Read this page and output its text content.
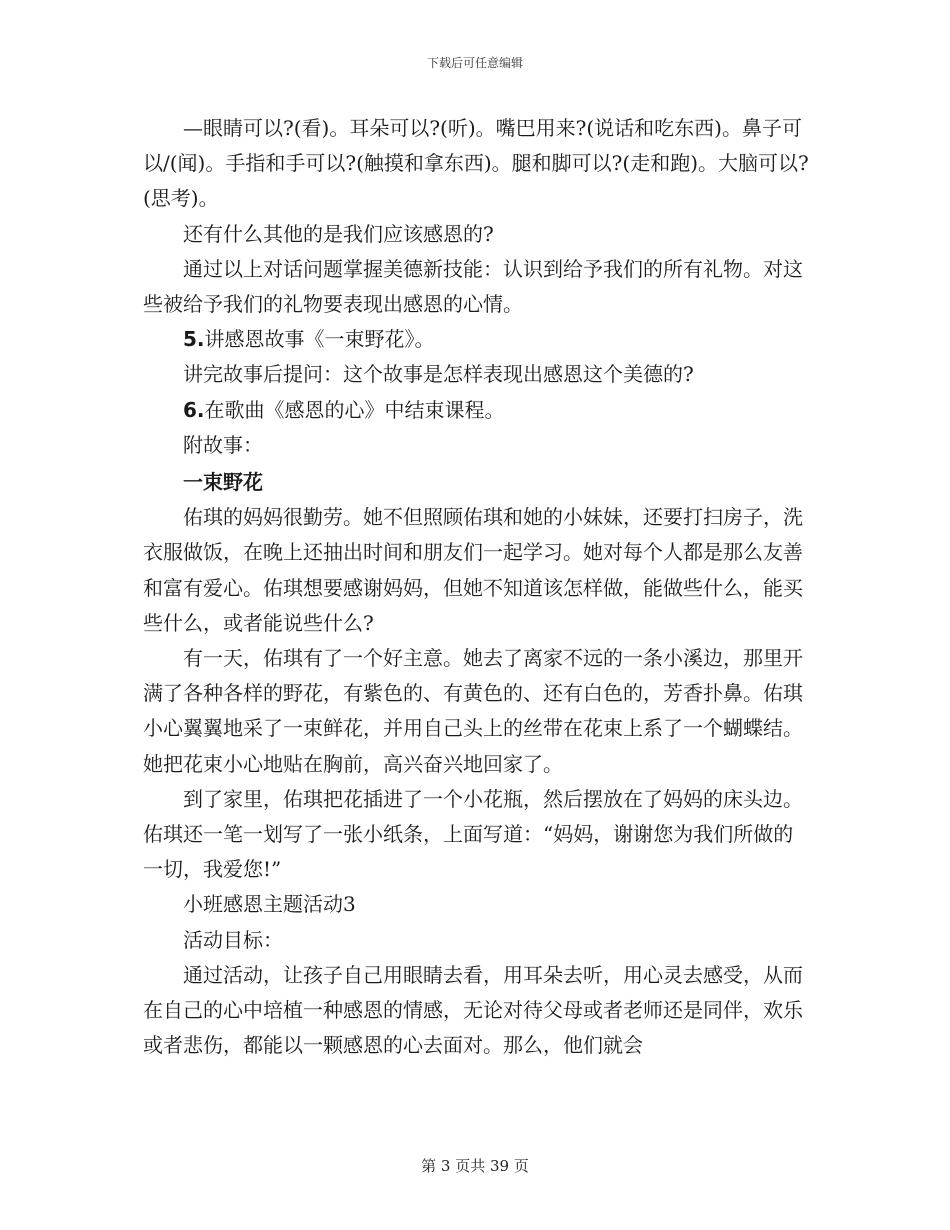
下载后可任意编辑

—眼睛可以?(看)。耳朵可以?(听)。嘴巴用来?(说话和吃东西)。鼻子可以/(闻)。手指和手可以?(触摸和拿东西)。腿和脚可以?(走和跑)。大脑可以?(思考)。

还有什么其他的是我们应该感恩的?

通过以上对话问题掌握美德新技能：认识到给予我们的所有礼物。对这些被给予我们的礼物要表现出感恩的心情。

5.讲感恩故事《一束野花》。

讲完故事后提问：这个故事是怎样表现出感恩这个美德的?

6.在歌曲《感恩的心》中结束课程。

附故事：

一束野花

佑琪的妈妈很勤劳。她不但照顾佑琪和她的小妹妹，还要打扫房子，洗衣服做饭，在晚上还抽出时间和朋友们一起学习。她对每个人都是那么友善和富有爱心。佑琪想要感谢妈妈，但她不知道该怎样做，能做些什么，能买些什么，或者能说些什么?

有一天，佑琪有了一个好主意。她去了离家不远的一条小溪边，那里开满了各种各样的野花，有紫色的、有黄色的、还有白色的，芳香扑鼻。佑琪小心翼翼地采了一束鲜花，并用自己头上的丝带在花束上系了一个蝴蝶结。她把花束小心地贴在胸前，高兴奋兴地回家了。

到了家里，佑琪把花插进了一个小花瓶，然后摆放在了妈妈的床头边。佑琪还一笔一划写了一张小纸条，上面写道：“妈妈，谢谢您为我们所做的一切，我爱您!”

小班感恩主题活动3

活动目标：

通过活动，让孩子自己用眼睛去看，用耳朵去听，用心灵去感受，从而在自己的心中培植一种感恩的情感，无论对待父母或者老师还是同伴，欢乐或者悲伤，都能以一颗感恩的心去面对。那么，他们就会

第 3 页共 39 页
